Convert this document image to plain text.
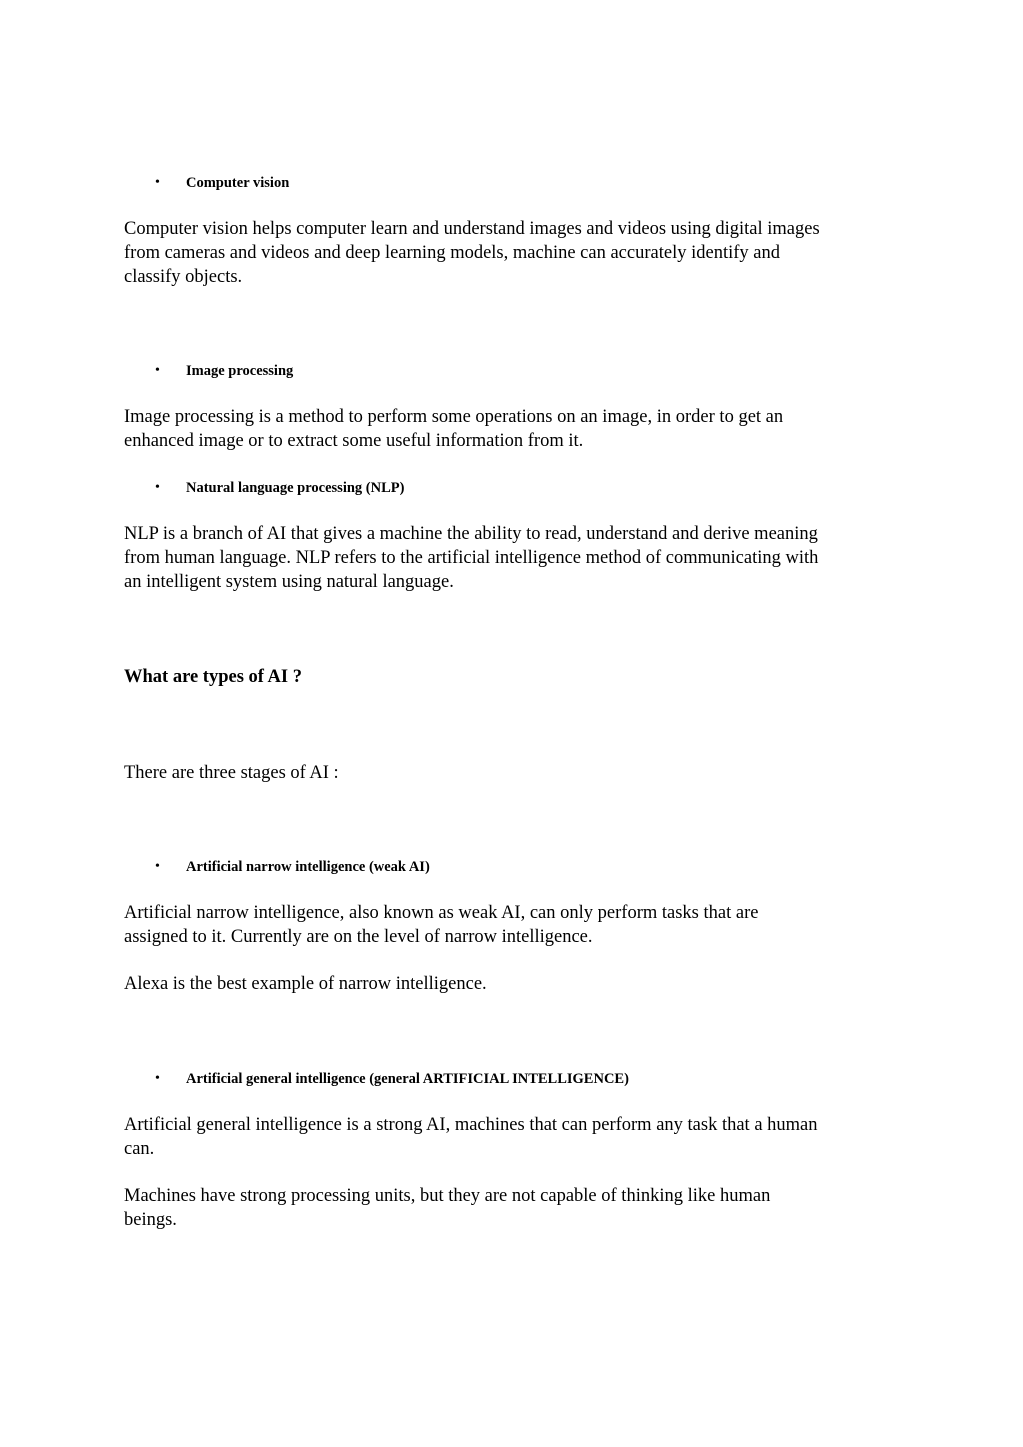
• Computer vision
Computer vision helps computer learn and understand images and videos using digital images
from cameras and videos and deep learning models, machine can accurately identify and
classify objects.
• Image processing
Image processing is a method to perform some operations on an image, in order to get an
enhanced image or to extract some useful information from it.
• Natural language processing (NLP)
NLP is a branch of AI that gives a machine the ability to read, understand and derive meaning
from human language. NLP refers to the artificial intelligence method of communicating with
an intelligent system using natural language.
What are types of AI ?
There are three stages of AI :
• Artificial narrow intelligence (weak AI)
Artificial narrow intelligence, also known as weak AI, can only perform tasks that are
assigned to it. Currently are on the level of narrow intelligence.
Alexa is the best example of narrow intelligence.
• Artificial general intelligence (general ARTIFICIAL INTELLIGENCE)
Artificial general intelligence is a strong AI, machines that can perform any task that a human
can.
Machines have strong processing units, but they are not capable of thinking like human
beings.
